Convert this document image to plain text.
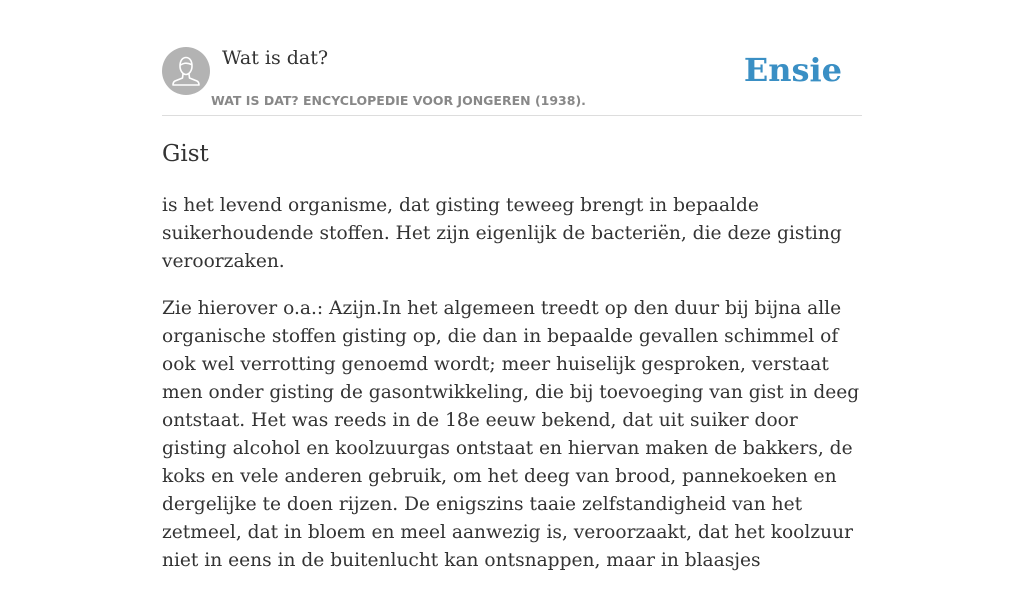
Wat is dat?
WAT IS DAT? ENCYCLOPEDIE VOOR JONGEREN (1938).
Ensie
Gist

is het levend organisme, dat gisting teweeg brengt in bepaalde suikerhoudende stoffen. Het zijn eigenlijk de bacteriën, die deze gisting veroorzaken.

Zie hierover o.a.: Azijn.In het algemeen treedt op den duur bij bijna alle organische stoffen gisting op, die dan in bepaalde gevallen schimmel of ook wel verrotting genoemd wordt; meer huiselijk gesproken, verstaat men onder gisting de gasontwikkeling, die bij toevoeging van gist in deeg ontstaat. Het was reeds in de 18e eeuw bekend, dat uit suiker door gisting alcohol en koolzuurgas ontstaat en hiervan maken de bakkers, de koks en vele anderen gebruik, om het deeg van brood, pannekoeken en dergelijke te doen rijzen. De enigszins taaie zelfstandigheid van het zetmeel, dat in bloem en meel aanwezig is, veroorzaakt, dat het koolzuur niet in eens in de buitenlucht kan ontsnappen, maar in blaasjes
